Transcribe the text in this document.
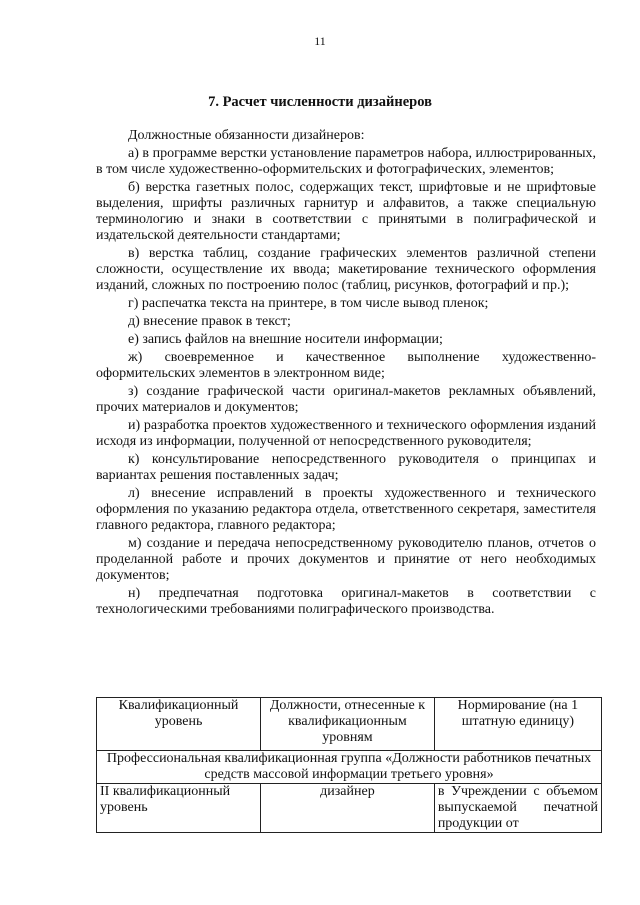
11
7. Расчет численности дизайнеров

Должностные обязанности дизайнеров:

а) в программе верстки установление параметров набора, иллюстрированных, в том числе художественно-оформительских и фотографических, элементов;

б) верстка газетных полос, содержащих текст, шрифтовые и не шрифтовые выделения, шрифты различных гарнитур и алфавитов, а также специальную терминологию и знаки в соответствии с принятыми в полиграфической и издательской деятельности стандартами;

в) верстка таблиц, создание графических элементов различной степени сложности, осуществление их ввода; макетирование технического оформления изданий, сложных по построению полос (таблиц, рисунков, фотографий и пр.);

г) распечатка текста на принтере, в том числе вывод пленок;

д) внесение правок в текст;

е) запись файлов на внешние носители информации;

ж) своевременное и качественное выполнение художественно-оформительских элементов в электронном виде;

з) создание графической части оригинал-макетов рекламных объявлений, прочих материалов и документов;

и) разработка проектов художественного и технического оформления изданий исходя из информации, полученной от непосредственного руководителя;

к) консультирование непосредственного руководителя о принципах и вариантах решения поставленных задач;

л) внесение исправлений в проекты художественного и технического оформления по указанию редактора отдела, ответственного секретаря, заместителя главного редактора, главного редактора;

м) создание и передача непосредственному руководителю планов, отчетов о проделанной работе и прочих документов и принятие от него необходимых документов;

н) предпечатная подготовка оригинал-макетов в соответствии с технологическими требованиями полиграфического производства.

Квалификационный уровень	Должности, отнесенные к квалификационным уровням	Нормирование (на 1 штатную единицу)
Профессиональная квалификационная группа «Должности работников печатных средств массовой информации третьего уровня»		
II квалификационный уровень	дизайнер	в Учреждении с объемом выпускаемой печатной продукции от
